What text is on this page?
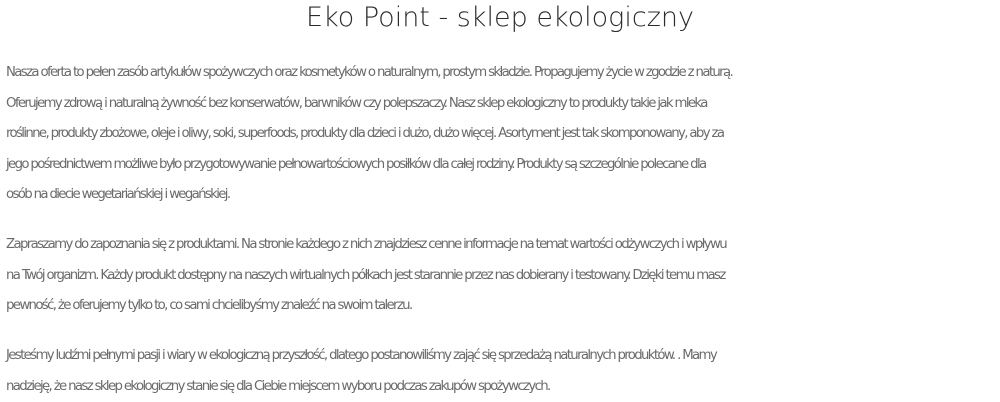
Eko Point - sklep ekologiczny

Nasza oferta to pełen zasób artykułów spożywczych oraz kosmetyków o naturalnym, prostym składzie. Propagujemy życie w zgodzie z naturą.
Oferujemy zdrową i naturalną żywność bez konserwatów, barwników czy polepszaczy. Nasz sklep ekologiczny to produkty takie jak mleka
roślinne, produkty zbożowe, oleje i oliwy, soki, superfoods, produkty dla dzieci i dużo, dużo więcej. Asortyment jest tak skomponowany, aby za
jego pośrednictwem możliwe było przygotowywanie pełnowartościowych posiłków dla całej rodziny. Produkty są szczególnie polecane dla
osób na diecie wegetariańskiej i wegańskiej.

Zapraszamy do zapoznania się z produktami. Na stronie każdego z nich znajdziesz cenne informacje na temat wartości odżywczych i wpływu
na Twój organizm. Każdy produkt dostępny na naszych wirtualnych półkach jest starannie przez nas dobierany i testowany. Dzięki temu masz
pewność, że oferujemy tylko to, co sami chcielibyśmy znaleźć na swoim talerzu.

Jesteśmy ludźmi pełnymi pasji i wiary w ekologiczną przyszłość, dlatego postanowiliśmy zająć się sprzedażą naturalnych produktów. . Mamy
nadzieję, że nasz sklep ekologiczny stanie się dla Ciebie miejscem wyboru podczas zakupów spożywczych.
